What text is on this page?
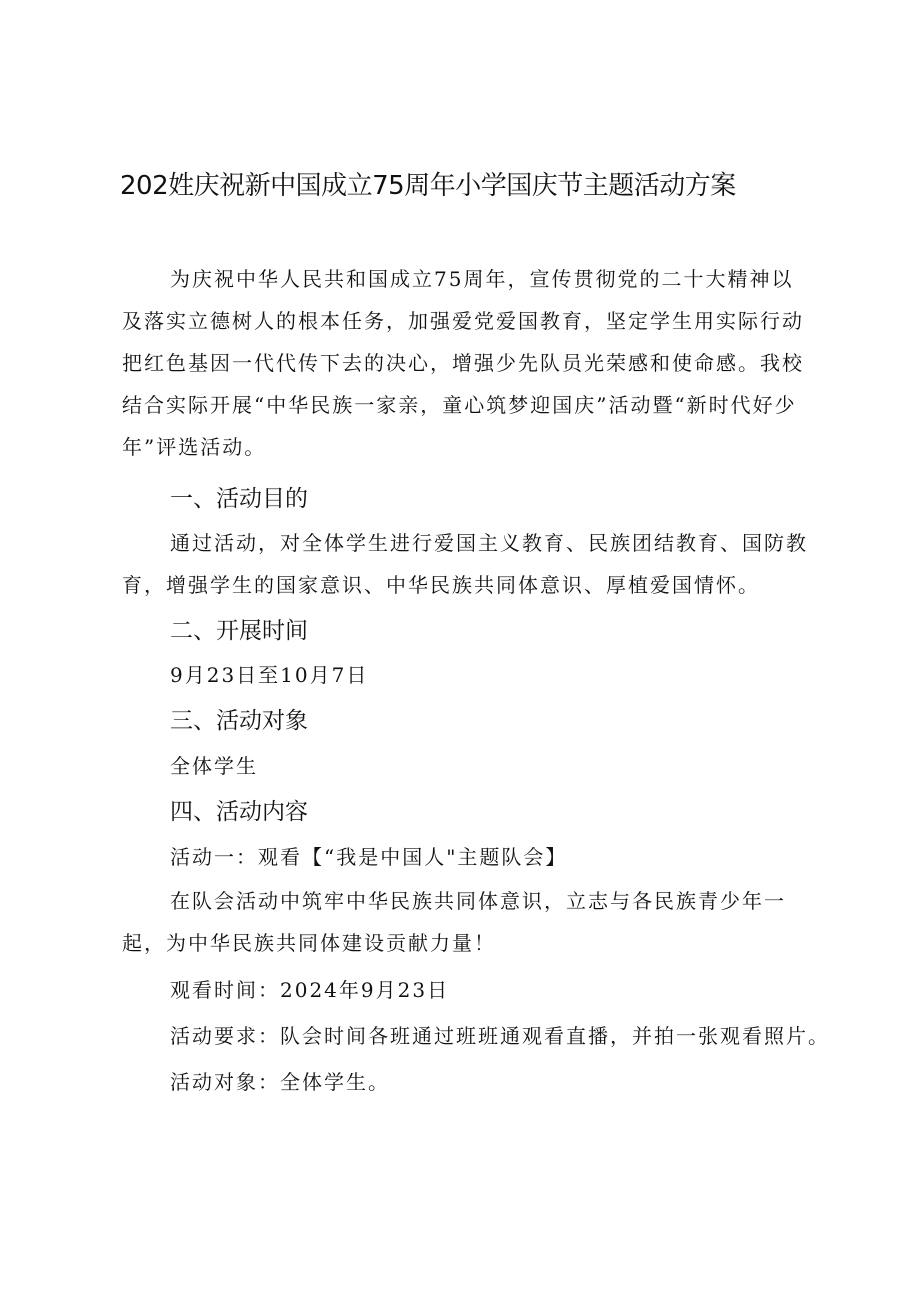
202姓庆祝新中国成立75周年小学国庆节主题活动方案

为庆祝中华人民共和国成立75周年，宣传贯彻党的二十大精神以及落实立德树人的根本任务，加强爱党爱国教育，坚定学生用实际行动把红色基因一代代传下去的决心，增强少先队员光荣感和使命感。我校结合实际开展“中华民族一家亲，童心筑梦迎国庆”活动暨“新时代好少年”评选活动。

一、活动目的

通过活动，对全体学生进行爱国主义教育、民族团结教育、国防教育，增强学生的国家意识、中华民族共同体意识、厚植爱国情怀。

二、开展时间
9月23日至10月7日
三、活动对象
全体学生
四、活动内容
活动一：观看【“我是中国人"主题队会】

在队会活动中筑牢中华民族共同体意识，立志与各民族青少年一起，为中华民族共同体建设贡献力量！

观看时间：2024年9月23日
活动要求：队会时间各班通过班班通观看直播，并拍一张观看照片。
活动对象：全体学生。
